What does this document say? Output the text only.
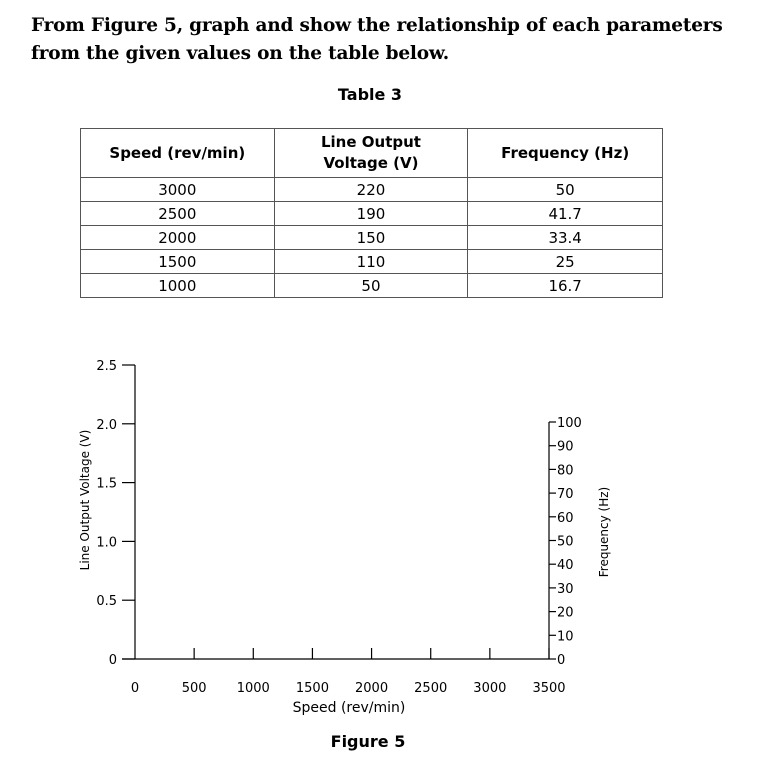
From Figure 5, graph and show the relationship of each parameters from the given values on the table below.
Table 3
Speed (rev/min)	Line Output Voltage (V)	Frequency (Hz)
3000	220	50
2500	190	41.7
2000	150	33.4
1500	110	25
1000	50	16.7
0	500 1000 1500 2000 2500 3000 3500
0
0.5
1.0
1.5
2.0
2.5
0
10
20
30
40
50
60
70
80
90
100
Speed (rev/min)
Line Output Voltage (V)	Frequency (Hz)
Figure 5
